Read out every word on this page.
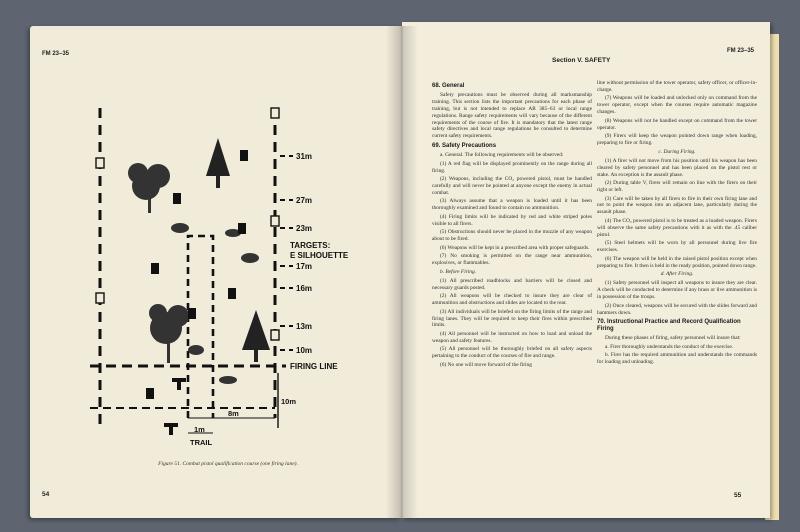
FM 23–35
31m
27m
23m
17m
16m
13m
10m
TARGETS:
E SILHOUETTE
FIRING LINE
10m
8m
1m
TRAIL
Figure 51. Combat pistol qualification course (one firing lane).
54
FM 23–35
Section V. SAFETY
68. General

Safety precautions must be observed during all marksmanship training. This section lists the important precautions for each phase of training, but is not intended to replace AR 385–63 or local range regulations. Range safety requirements will vary because of the different requirements of the course of fire. It is mandatory that the latest range safety directives and local range regulations be consulted to determine current safety requirements.

69. Safety Precautions

a. General. The following requirements will be observed:

(1) A red flag will be displayed prominently on the range during all firing.

(2) Weapons, including the CO₂ powered pistol, must be handled carefully and will never be pointed at anyone except the enemy in actual combat.

(3) Always assume that a weapon is loaded until it has been thoroughly examined and found to contain no ammunition.

(4) Firing limits will be indicated by red and white striped poles visible to all firers.

(5) Obstructions should never be placed in the muzzle of any weapon about to be fired.

(6) Weapons will be kept in a prescribed area with proper safeguards.

(7) No smoking is permitted on the range near ammunition, explosives, or flammables.

b. Before Firing.

(1) All prescribed roadblocks and barriers will be closed and necessary guards posted.

(2) All weapons will be checked to insure they are clear of ammunition and obstructions and slides are located to the rear.

(3) All individuals will be briefed on the firing limits of the range and firing lanes. They will be required to keep their fires within prescribed limits.

(4) All personnel will be instructed on how to load and unload the weapon and safety features.

(5) All personnel will be thoroughly briefed on all safety aspects pertaining to the conduct of the courses of fire and range.

(6) No one will move forward of the firing

line without permission of the tower operator, safety officer, or officer-in-charge.

(7) Weapons will be loaded and unlocked only on command from the tower operator, except when the courses require automatic magazine changes.

(8) Weapons will not be handled except on command from the tower operator.

(9) Firers will keep the weapon pointed down range when loading, preparing to fire or firing.

c. During Firing.

(1) A firer will not move from his position until his weapon has been cleared by safety personnel and has been placed on the pistol rest or stake. An exception is the assault phase.

(2) During table V, firers will remain on line with the firers on their right or left.

(3) Care will be taken by all firers to fire in their own firing lane and not to point the weapon into an adjacent lane, particularly during the assault phase.

(4) The CO₂ powered pistol is to be treated as a loaded weapon. Firers will observe the same safety precautions with it as with the .45 caliber pistol.

(5) Steel helmets will be worn by all personnel during live fire exercises.

(6) The weapon will be held in the raised pistol position except when preparing to fire. It then is held in the ready position, pointed down range.

d. After Firing.

(1) Safety personnel will inspect all weapons to insure they are clear. A check will be conducted to determine if any brass or live ammunition is in possession of the troops.

(2) Once cleared, weapons will be secured with the slides forward and hammers down.

70. Instructional Practice and Record Qualification Firing

During these phases of firing, safety personnel will insure that:

a. Firer thoroughly understands the conduct of the exercise.

b. Firer has the required ammunition and understands the commands for loading and unloading.

55
